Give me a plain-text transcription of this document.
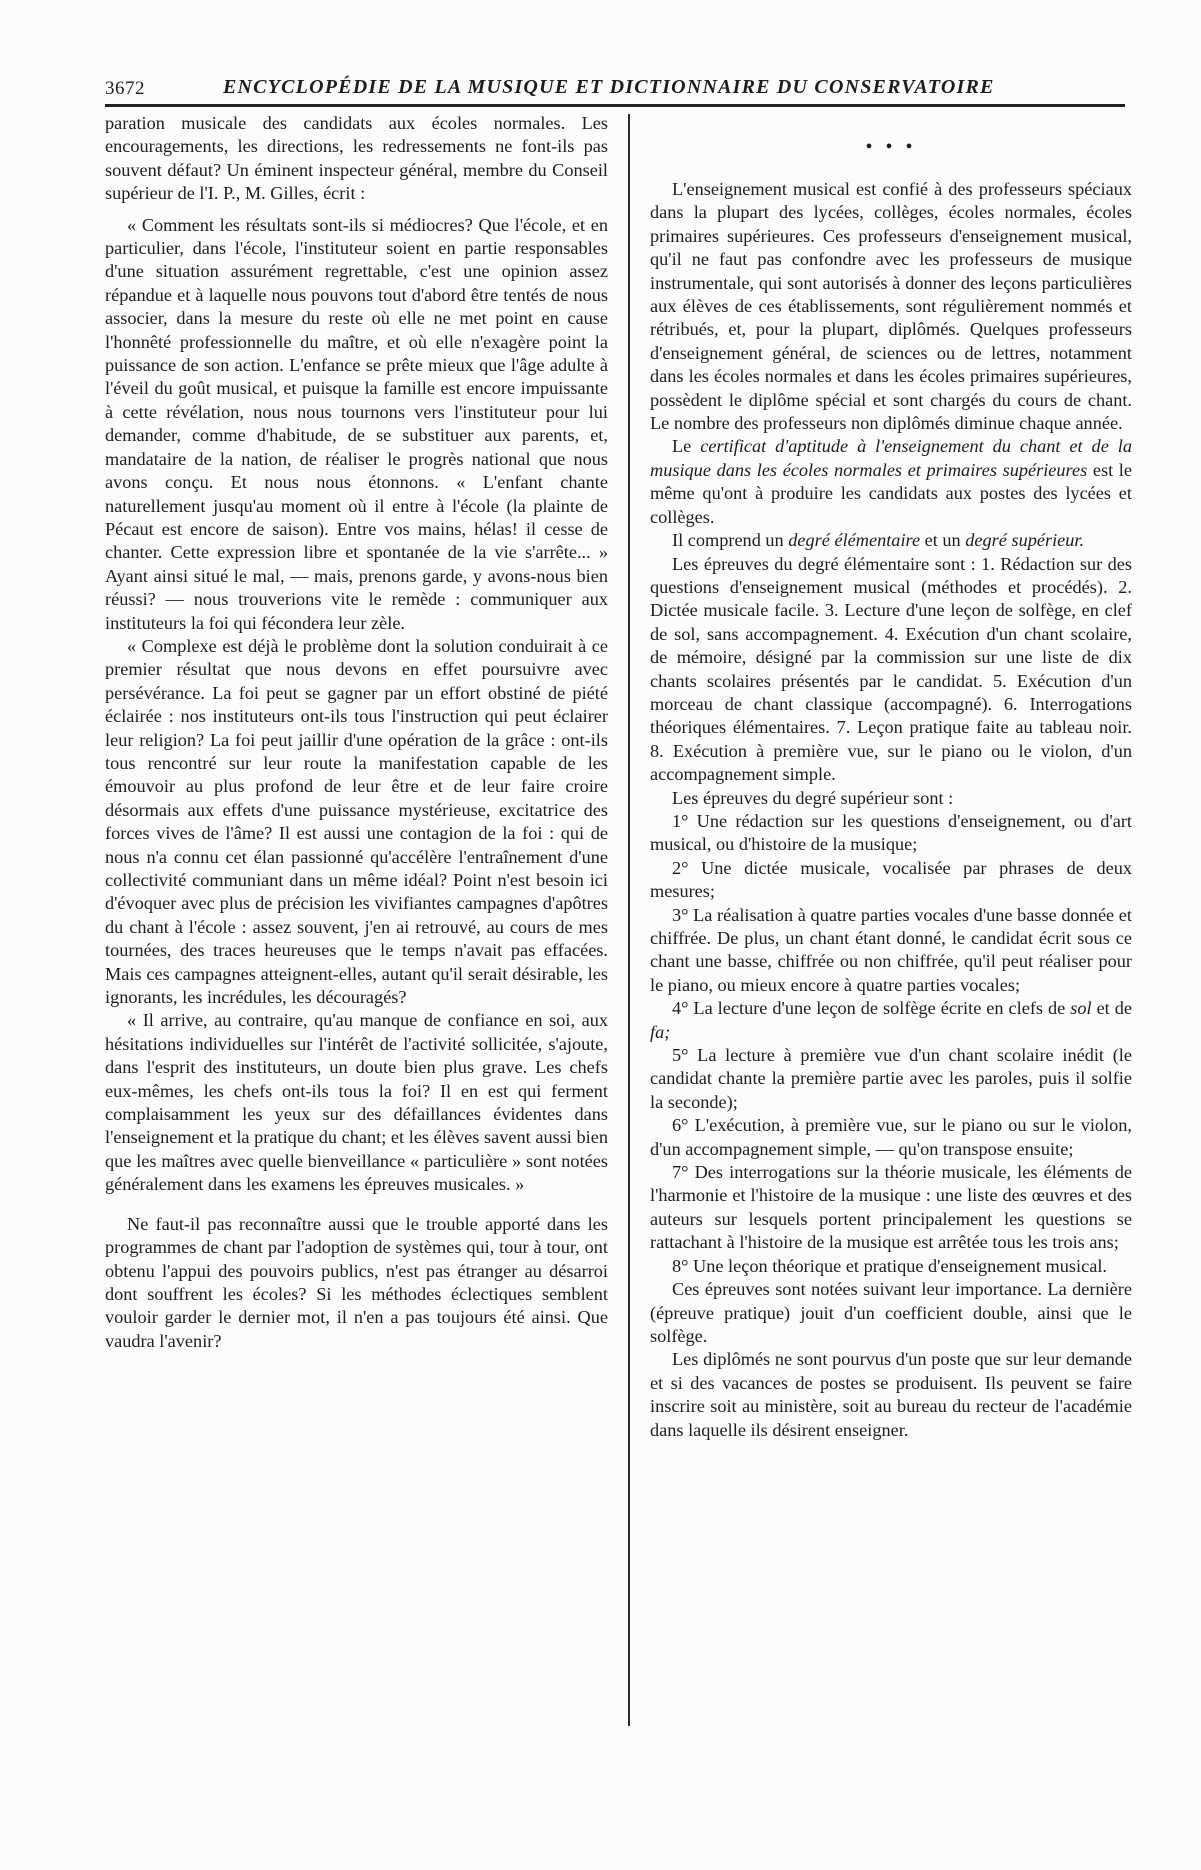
3672	ENCYCLOPÉDIE DE LA MUSIQUE ET DICTIONNAIRE DU CONSERVATOIRE

paration musicale des candidats aux écoles normales. Les encouragements, les directions, les redressements ne font-ils pas souvent défaut? Un éminent inspecteur général, membre du Conseil supérieur de l'I. P., M. Gilles, écrit :

« Comment les résultats sont-ils si médiocres? Que l'école, et en particulier, dans l'école, l'instituteur soient en partie responsables d'une situation assurément regrettable, c'est une opinion assez répandue et à laquelle nous pouvons tout d'abord être tentés de nous associer, dans la mesure du reste où elle ne met point en cause l'honnêté professionnelle du maître, et où elle n'exagère point la puissance de son action. L'enfance se prête mieux que l'âge adulte à l'éveil du goût musical, et puisque la famille est encore impuissante à cette révélation, nous nous tournons vers l'instituteur pour lui demander, comme d'habitude, de se substituer aux parents, et, mandataire de la nation, de réaliser le progrès national que nous avons conçu. Et nous nous étonnons. « L'enfant chante naturellement jusqu'au moment où il entre à l'école (la plainte de Pécaut est encore de saison). Entre vos mains, hélas! il cesse de chanter. Cette expression libre et spontanée de la vie s'arrête... » Ayant ainsi situé le mal, — mais, prenons garde, y avons-nous bien réussi? — nous trouverions vite le remède : communiquer aux instituteurs la foi qui fécondera leur zèle.

« Complexe est déjà le problème dont la solution conduirait à ce premier résultat que nous devons en effet poursuivre avec persévérance. La foi peut se gagner par un effort obstiné de piété éclairée : nos instituteurs ont-ils tous l'instruction qui peut éclairer leur religion? La foi peut jaillir d'une opération de la grâce : ont-ils tous rencontré sur leur route la manifestation capable de les émouvoir au plus profond de leur être et de leur faire croire désormais aux effets d'une puissance mystérieuse, excitatrice des forces vives de l'âme? Il est aussi une contagion de la foi : qui de nous n'a connu cet élan passionné qu'accélère l'entraînement d'une collectivité communiant dans un même idéal? Point n'est besoin ici d'évoquer avec plus de précision les vivifiantes campagnes d'apôtres du chant à l'école : assez souvent, j'en ai retrouvé, au cours de mes tournées, des traces heureuses que le temps n'avait pas effacées. Mais ces campagnes atteignent-elles, autant qu'il serait désirable, les ignorants, les incrédules, les découragés?

« Il arrive, au contraire, qu'au manque de confiance en soi, aux hésitations individuelles sur l'intérêt de l'activité sollicitée, s'ajoute, dans l'esprit des instituteurs, un doute bien plus grave. Les chefs eux-mêmes, les chefs ont-ils tous la foi? Il en est qui ferment complaisamment les yeux sur des défaillances évidentes dans l'enseignement et la pratique du chant; et les élèves savent aussi bien que les maîtres avec quelle bienveillance « particulière » sont notées généralement dans les examens les épreuves musicales. »

Ne faut-il pas reconnaître aussi que le trouble apporté dans les programmes de chant par l'adoption de systèmes qui, tour à tour, ont obtenu l'appui des pouvoirs publics, n'est pas étranger au désarroi dont souffrent les écoles? Si les méthodes éclectiques semblent vouloir garder le dernier mot, il n'en a pas toujours été ainsi. Que vaudra l'avenir?

• • •

L'enseignement musical est confié à des professeurs spéciaux dans la plupart des lycées, collèges, écoles normales, écoles primaires supérieures. Ces professeurs d'enseignement musical, qu'il ne faut pas confondre avec les professeurs de musique instrumentale, qui sont autorisés à donner des leçons particulières aux élèves de ces établissements, sont régulièrement nommés et rétribués, et, pour la plupart, diplômés. Quelques professeurs d'enseignement général, de sciences ou de lettres, notamment dans les écoles normales et dans les écoles primaires supérieures, possèdent le diplôme spécial et sont chargés du cours de chant. Le nombre des professeurs non diplômés diminue chaque année.

Le certificat d'aptitude à l'enseignement du chant et de la musique dans les écoles normales et primaires supérieures est le même qu'ont à produire les candidats aux postes des lycées et collèges.

Il comprend un degré élémentaire et un degré supérieur.

Les épreuves du degré élémentaire sont : 1. Rédaction sur des questions d'enseignement musical (méthodes et procédés). 2. Dictée musicale facile. 3. Lecture d'une leçon de solfège, en clef de sol, sans accompagnement. 4. Exécution d'un chant scolaire, de mémoire, désigné par la commission sur une liste de dix chants scolaires présentés par le candidat. 5. Exécution d'un morceau de chant classique (accompagné). 6. Interrogations théoriques élémentaires. 7. Leçon pratique faite au tableau noir. 8. Exécution à première vue, sur le piano ou le violon, d'un accompagnement simple.

Les épreuves du degré supérieur sont :

1° Une rédaction sur les questions d'enseignement, ou d'art musical, ou d'histoire de la musique;

2° Une dictée musicale, vocalisée par phrases de deux mesures;

3° La réalisation à quatre parties vocales d'une basse donnée et chiffrée. De plus, un chant étant donné, le candidat écrit sous ce chant une basse, chiffrée ou non chiffrée, qu'il peut réaliser pour le piano, ou mieux encore à quatre parties vocales;

4° La lecture d'une leçon de solfège écrite en clefs de sol et de fa;

5° La lecture à première vue d'un chant scolaire inédit (le candidat chante la première partie avec les paroles, puis il solfie la seconde);

6° L'exécution, à première vue, sur le piano ou sur le violon, d'un accompagnement simple, — qu'on transpose ensuite;

7° Des interrogations sur la théorie musicale, les éléments de l'harmonie et l'histoire de la musique : une liste des œuvres et des auteurs sur lesquels portent principalement les questions se rattachant à l'histoire de la musique est arrêtée tous les trois ans;

8° Une leçon théorique et pratique d'enseignement musical.

Ces épreuves sont notées suivant leur importance. La dernière (épreuve pratique) jouit d'un coefficient double, ainsi que le solfège.

Les diplômés ne sont pourvus d'un poste que sur leur demande et si des vacances de postes se produisent. Ils peuvent se faire inscrire soit au ministère, soit au bureau du recteur de l'académie dans laquelle ils désirent enseigner.
